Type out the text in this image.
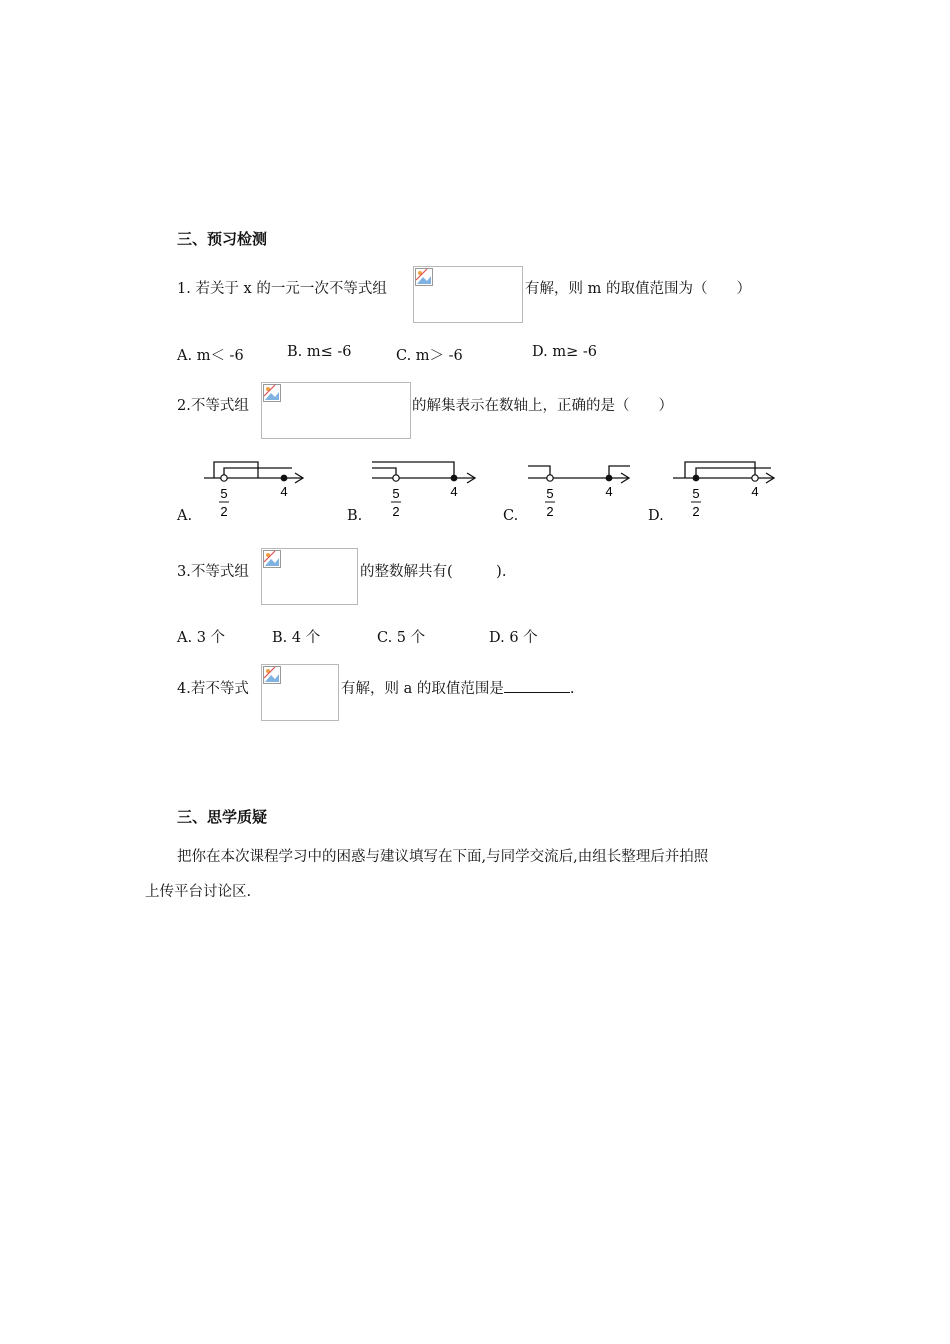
三、预习检测
1. 若关于 x 的一元一次不等式组	有解，则 m 的取值范围为（　　）
A. m＜ -6	B. m≤ -6	C. m＞ -6	D. m≥ -6
2.不等式组	的解集表示在数轴上，正确的是（　　）
A.	B.	C.	D.
5
2
4	5
2
4	5
2
4	5
2
4
3.不等式组	的整数解共有(　　　).
A. 3 个	B. 4 个	C. 5 个	D. 6 个
4.若不等式	有解，则 a 的取值范围是	.
三、思学质疑
把你在本次课程学习中的困惑与建议填写在下面,与同学交流后,由组长整理后并拍照
上传平台讨论区.
